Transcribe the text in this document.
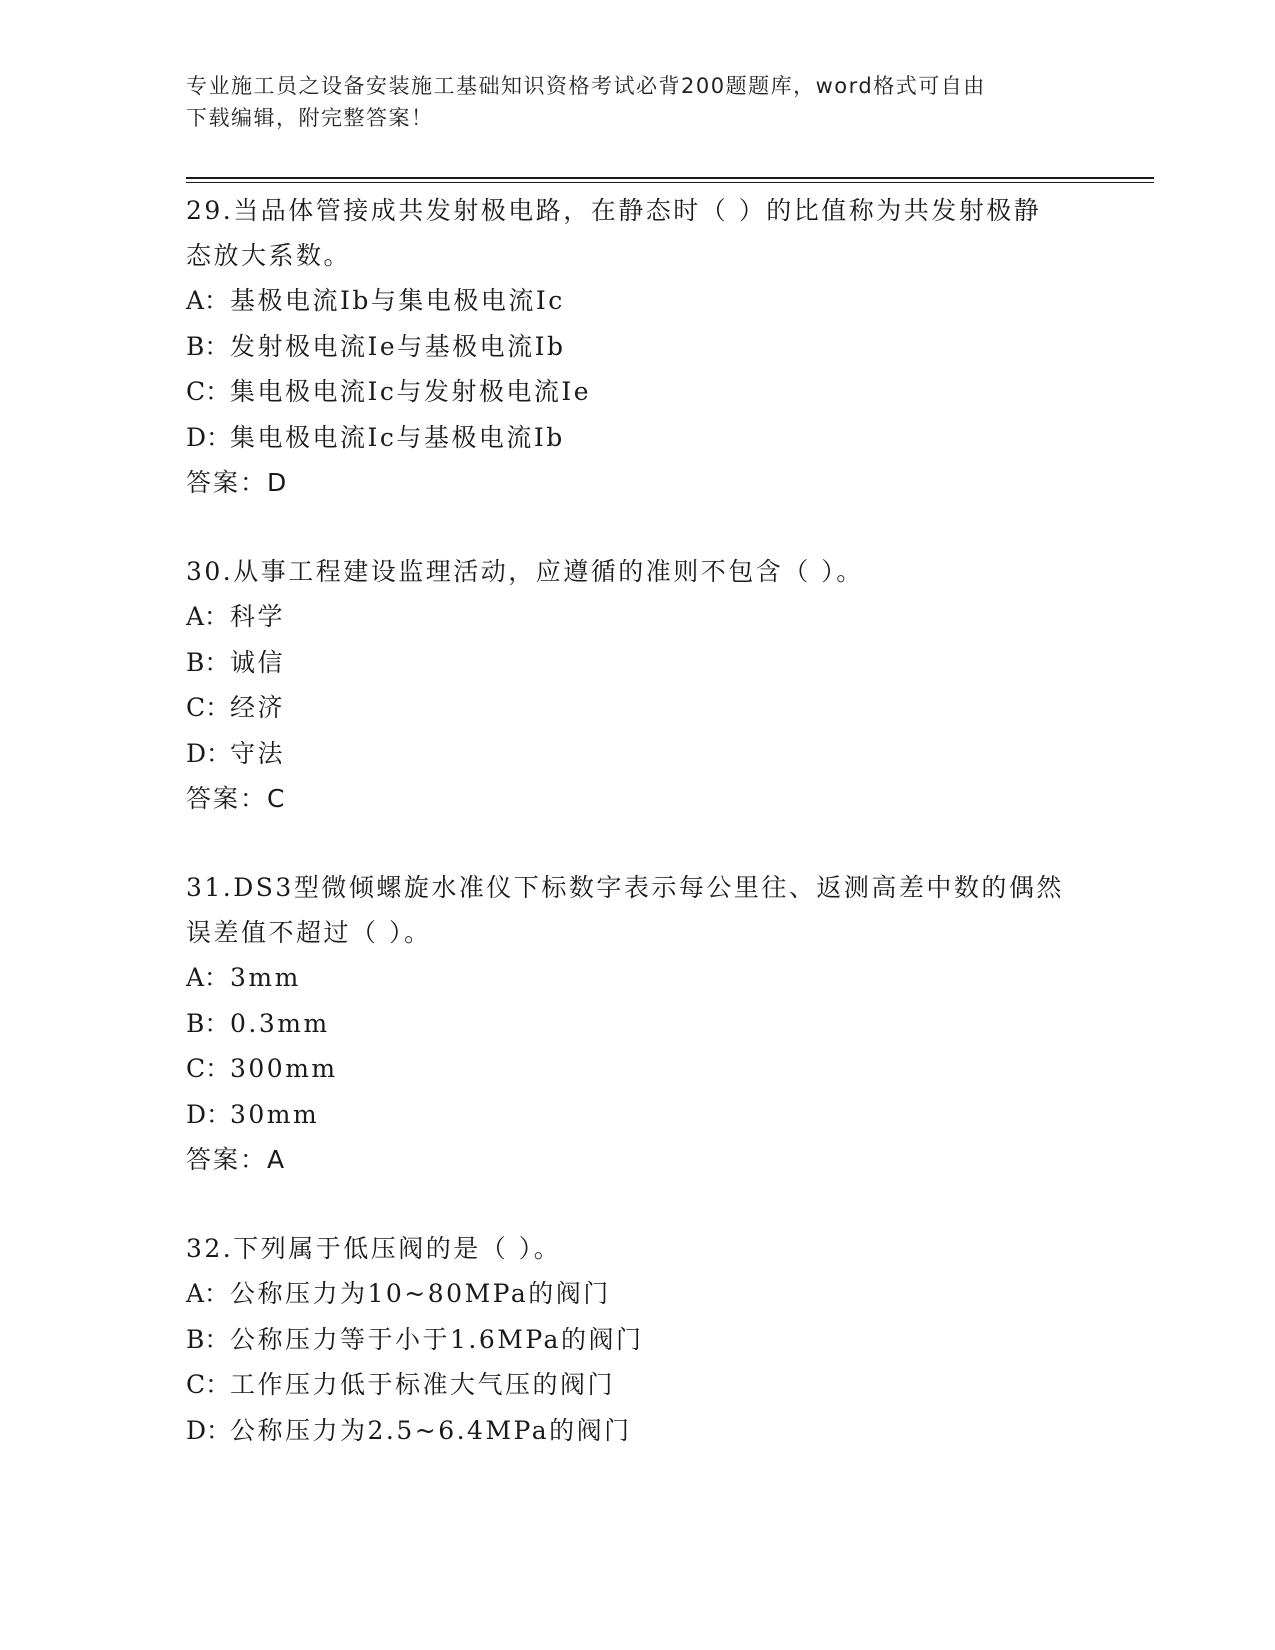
专业施工员之设备安装施工基础知识资格考试必背200题题库，word格式可自由
下载编辑，附完整答案！

29.当品体管接成共发射极电路，在静态时（ ）的比值称为共发射极静态放大系数。

A：基极电流Ib与集电极电流Ic

B：发射极电流Ie与基极电流Ib

C：集电极电流Ic与发射极电流Ie

D：集电极电流Ic与基极电流Ib

答案：D

30.从事工程建设监理活动，应遵循的准则不包含（ ）。

A：科学

B：诚信

C：经济

D：守法

答案：C

31.DS3型微倾螺旋水准仪下标数字表示每公里往、返测高差中数的偶然误差值不超过（ ）。

A：3mm

B：0.3mm

C：300mm

D：30mm

答案：A

32.下列属于低压阀的是（ ）。

A：公称压力为10~80MPa的阀门

B：公称压力等于小于1.6MPa的阀门

C：工作压力低于标准大气压的阀门

D：公称压力为2.5~6.4MPa的阀门
